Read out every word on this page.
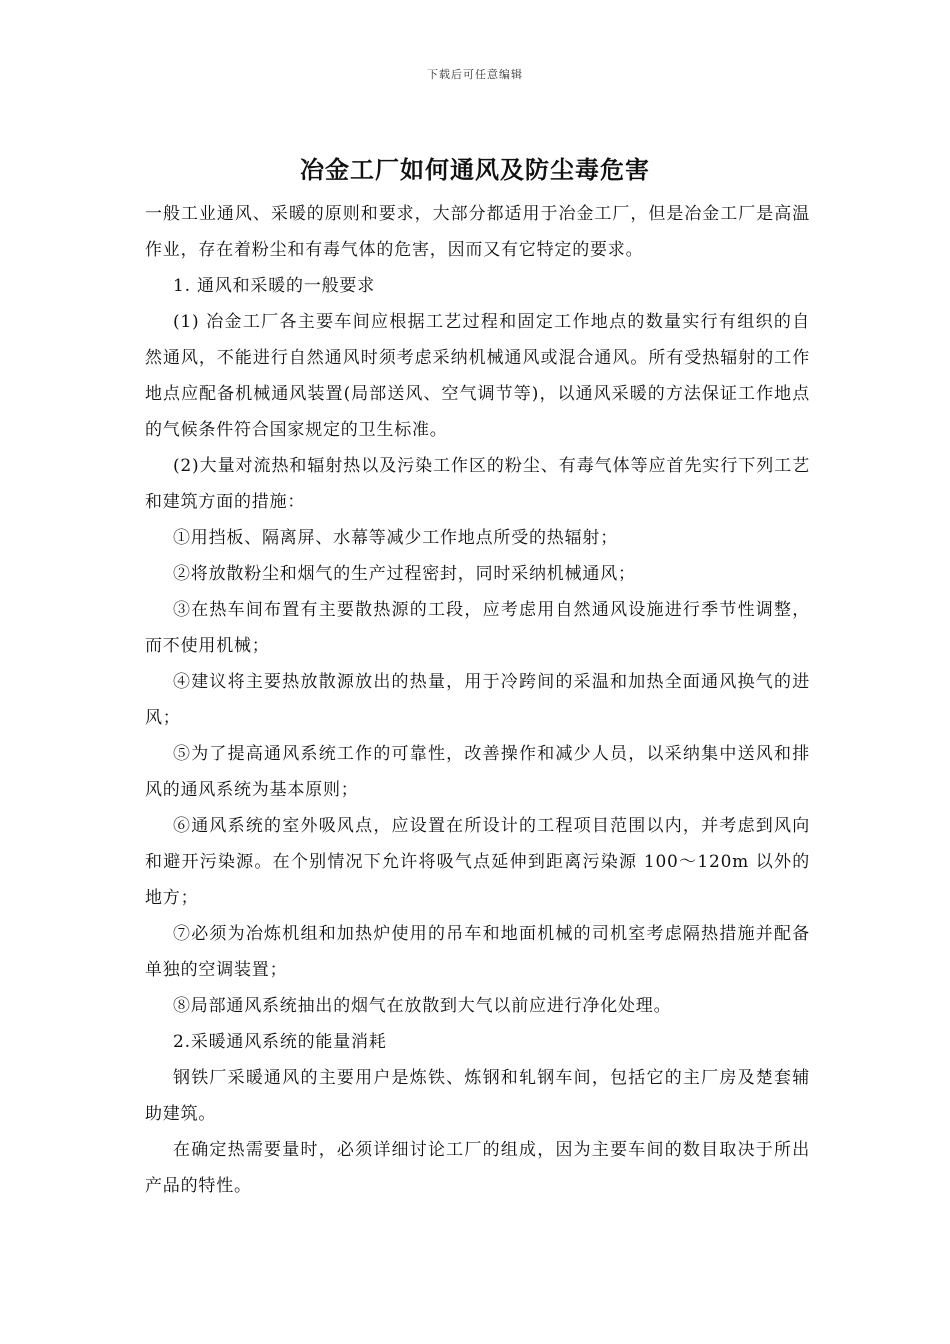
下载后可任意编辑
冶金工厂如何通风及防尘毒危害

一般工业通风、采暖的原则和要求，大部分都适用于冶金工厂，但是冶金工厂是高温作业，存在着粉尘和有毒气体的危害，因而又有它特定的要求。

1. 通风和采暖的一般要求

(1) 冶金工厂各主要车间应根据工艺过程和固定工作地点的数量实行有组织的自然通风，不能进行自然通风时须考虑采纳机械通风或混合通风。所有受热辐射的工作地点应配备机械通风装置(局部送风、空气调节等)，以通风采暖的方法保证工作地点的气候条件符合国家规定的卫生标准。

(2)大量对流热和辐射热以及污染工作区的粉尘、有毒气体等应首先实行下列工艺和建筑方面的措施：

①用挡板、隔离屏、水幕等减少工作地点所受的热辐射；

②将放散粉尘和烟气的生产过程密封，同时采纳机械通风；

③在热车间布置有主要散热源的工段，应考虑用自然通风设施进行季节性调整，而不使用机械；

④建议将主要热放散源放出的热量，用于冷跨间的采温和加热全面通风换气的进风；

⑤为了提高通风系统工作的可靠性，改善操作和减少人员，以采纳集中送风和排风的通风系统为基本原则；

⑥通风系统的室外吸风点，应设置在所设计的工程项目范围以内，并考虑到风向和避开污染源。在个别情况下允许将吸气点延伸到距离污染源 100～120m 以外的地方；

⑦必须为冶炼机组和加热炉使用的吊车和地面机械的司机室考虑隔热措施并配备单独的空调装置；

⑧局部通风系统抽出的烟气在放散到大气以前应进行净化处理。

2.采暖通风系统的能量消耗

钢铁厂采暖通风的主要用户是炼铁、炼钢和轧钢车间，包括它的主厂房及楚套辅助建筑。

在确定热需要量时，必须详细讨论工厂的组成，因为主要车间的数目取决于所出产品的特性。
